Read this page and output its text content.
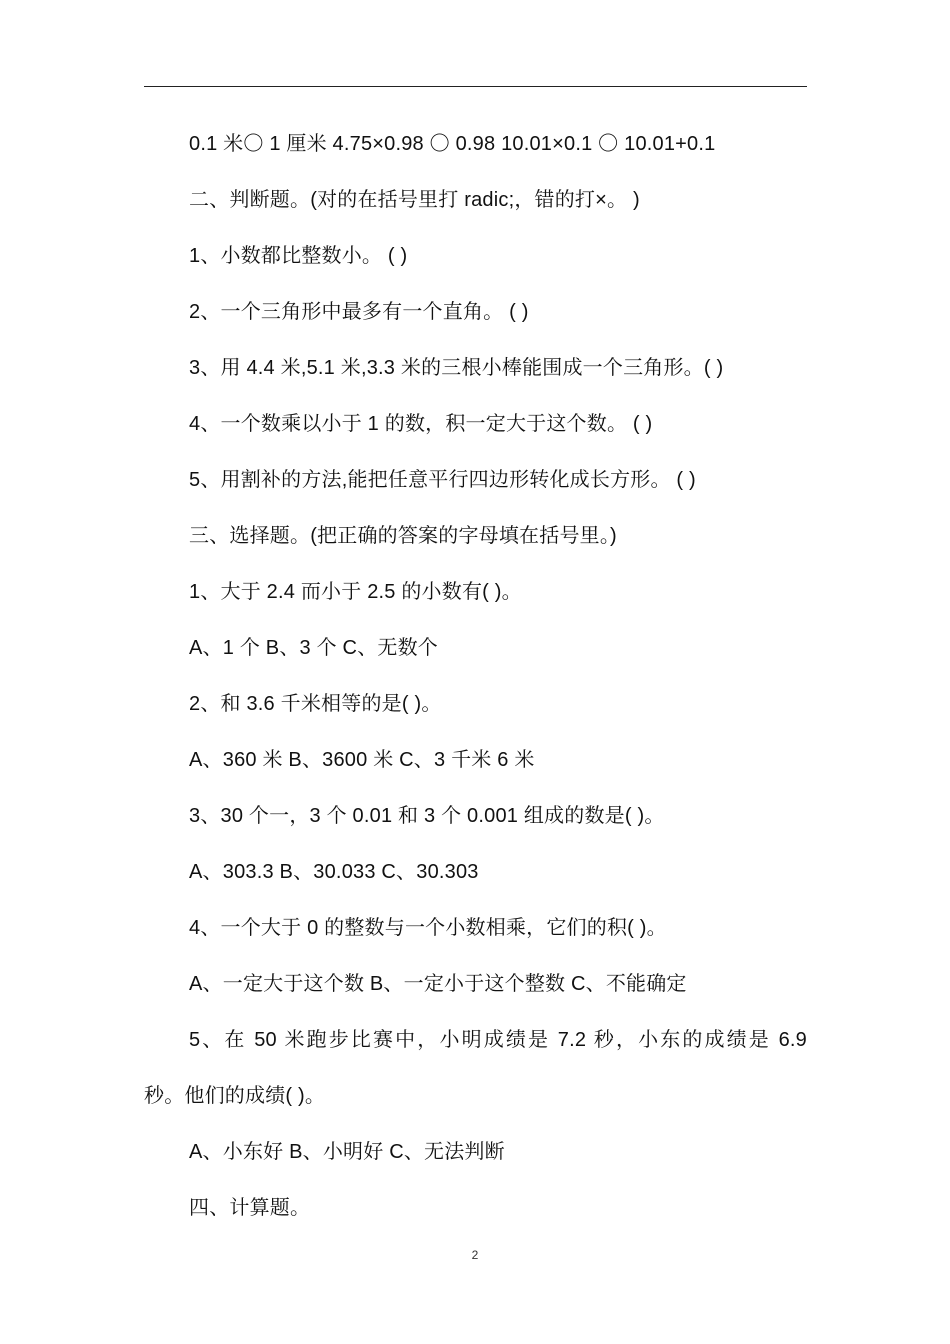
0.1 米〇 1 厘米 4.75×0.98 〇 0.98 10.01×0.1 〇 10.01+0.1
二、判断题。(对的在括号里打 radic;，错的打×。 )
1、小数都比整数小。 ( )
2、一个三角形中最多有一个直角。 ( )
3、用 4.4 米,5.1 米,3.3 米的三根小棒能围成一个三角形。( )
4、一个数乘以小于 1 的数，积一定大于这个数。 ( )
5、用割补的方法,能把任意平行四边形转化成长方形。 ( )
三、选择题。(把正确的答案的字母填在括号里。)
1、大于 2.4 而小于 2.5 的小数有( )。
A、1 个 B、3 个 C、无数个
2、和 3.6 千米相等的是( )。
A、360 米 B、3600 米 C、3 千米 6 米
3、30 个一，3 个 0.01 和 3 个 0.001 组成的数是( )。
A、303.3 B、30.033 C、30.303
4、一个大于 0 的整数与一个小数相乘，它们的积( )。
A、一定大于这个数 B、一定小于这个整数 C、不能确定
5、在 50 米跑步比赛中，小明成绩是 7.2 秒，小东的成绩是 6.9
秒。他们的成绩( )。
A、小东好 B、小明好 C、无法判断
四、计算题。
2
